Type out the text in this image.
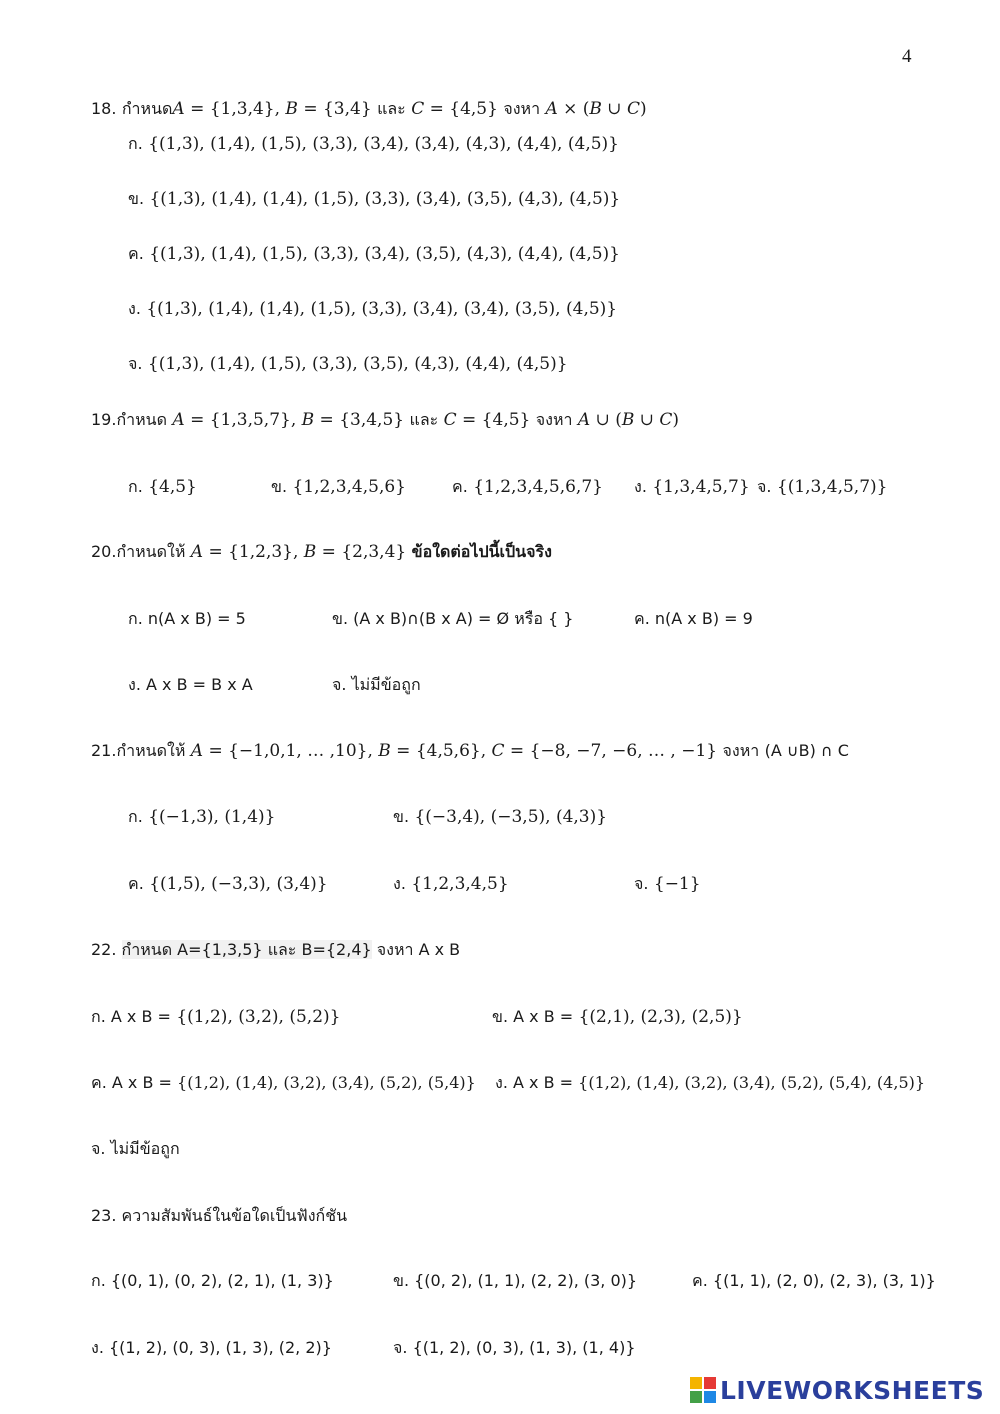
4
18. กำหนด𝐴 = {1,3,4}, 𝐵 = {3,4} และ 𝐶 = {4,5} จงหา 𝐴 × (𝐵 ∪ 𝐶)
ก. {(1,3), (1,4), (1,5), (3,3), (3,4), (3,4), (4,3), (4,4), (4,5)}
ข. {(1,3), (1,4), (1,4), (1,5), (3,3), (3,4), (3,5), (4,3), (4,5)}
ค. {(1,3), (1,4), (1,5), (3,3), (3,4), (3,5), (4,3), (4,4), (4,5)}
ง. {(1,3), (1,4), (1,4), (1,5), (3,3), (3,4), (3,4), (3,5), (4,5)}
จ. {(1,3), (1,4), (1,5), (3,3), (3,5), (4,3), (4,4), (4,5)}
19.กำหนด 𝐴 = {1,3,5,7}, 𝐵 = {3,4,5} และ 𝐶 = {4,5} จงหา 𝐴 ∪ (𝐵 ∪ 𝐶)
ก. {4,5}	ข. {1,2,3,4,5,6}	ค. {1,2,3,4,5,6,7} ง. {1,3,4,5,7} จ. {(1,3,4,5,7)}
20.กำหนดให้ 𝐴 = {1,2,3}, 𝐵 = {2,3,4} ข้อใดต่อไปนี้เป็นจริง
ก. n(A x B) = 5	ข. (A x B)∩(B x A) = Ø หรือ { }	ค. n(A x B) = 9
ง. A x B = B x A	จ. ไม่มีข้อถูก
21.กำหนดให้ 𝐴 = {−1,0,1, … ,10}, 𝐵 = {4,5,6}, 𝐶 = {−8, −7, −6, … , −1} จงหา (A ∪B) ∩ C
ก. {(−1,3), (1,4)}	ข. {(−3,4), (−3,5), (4,3)}
ค. {(1,5), (−3,3), (3,4)}	ง. {1,2,3,4,5}	จ. {−1}
22. กำหนด A={1,3,5} และ B={2,4} จงหา A x B
ก. A x B = {(1,2), (3,2), (5,2)}	ข. A x B = {(2,1), (2,3), (2,5)}
ค. A x B = {(1,2), (1,4), (3,2), (3,4), (5,2), (5,4)} ง. A x B = {(1,2), (1,4), (3,2), (3,4), (5,2), (5,4), (4,5)}
จ. ไม่มีข้อถูก
23. ความสัมพันธ์ในข้อใดเป็นฟังก์ชัน
ก. {(0, 1), (0, 2), (2, 1), (1, 3)}	ข. {(0, 2), (1, 1), (2, 2), (3, 0)}	ค. {(1, 1), (2, 0), (2, 3), (3, 1)}
ง. {(1, 2), (0, 3), (1, 3), (2, 2)}	จ. {(1, 2), (0, 3), (1, 3), (1, 4)}
LIVEWORKSHEETS
